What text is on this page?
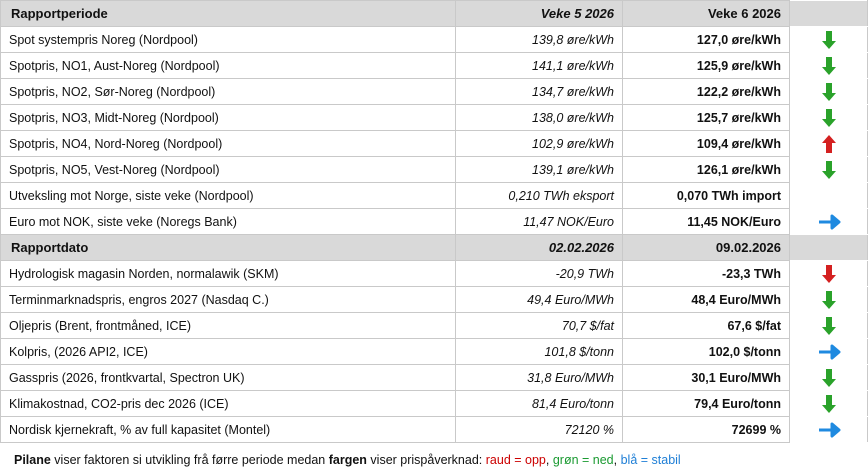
Rapportperiode	Veke 5 2026	Veke 6 2026	
Spot systempris Noreg (Nordpool)	139,8 øre/kWh	127,0 øre/kWh	
Spotpris, NO1, Aust-Noreg (Nordpool)	141,1 øre/kWh	125,9 øre/kWh	
Spotpris, NO2, Sør-Noreg (Nordpool)	134,7 øre/kWh	122,2 øre/kWh	
Spotpris, NO3, Midt-Noreg (Nordpool)	138,0 øre/kWh	125,7 øre/kWh	
Spotpris, NO4, Nord-Noreg (Nordpool)	102,9 øre/kWh	109,4 øre/kWh	
Spotpris, NO5, Vest-Noreg (Nordpool)	139,1 øre/kWh	126,1 øre/kWh	
Utveksling mot Norge, siste veke (Nordpool)	0,210 TWh eksport	0,070 TWh import	
Euro mot NOK, siste veke (Noregs Bank)	11,47 NOK/Euro	11,45 NOK/Euro	
Rapportdato	02.02.2026	09.02.2026	
Hydrologisk magasin Norden, normalawik (SKM)	-20,9 TWh	-23,3 TWh	
Terminmarknadspris, engros 2027 (Nasdaq C.)	49,4 Euro/MWh	48,4 Euro/MWh	
Oljepris (Brent, frontmåned, ICE)	70,7 $/fat	67,6 $/fat	
Kolpris, (2026 API2, ICE)	101,8 $/tonn	102,0 $/tonn	
Gasspris (2026, frontkvartal, Spectron UK)	31,8 Euro/MWh	30,1 Euro/MWh	
Klimakostnad, CO2-pris dec 2026 (ICE)	81,4 Euro/tonn	79,4 Euro/tonn	
Nordisk kjernekraft, % av full kapasitet (Montel)	72120 %	72699 %	
Pilane viser faktoren si utvikling frå førre periode medan fargen viser prispåverknad: raud = opp, grøn = ned, blå = stabil
